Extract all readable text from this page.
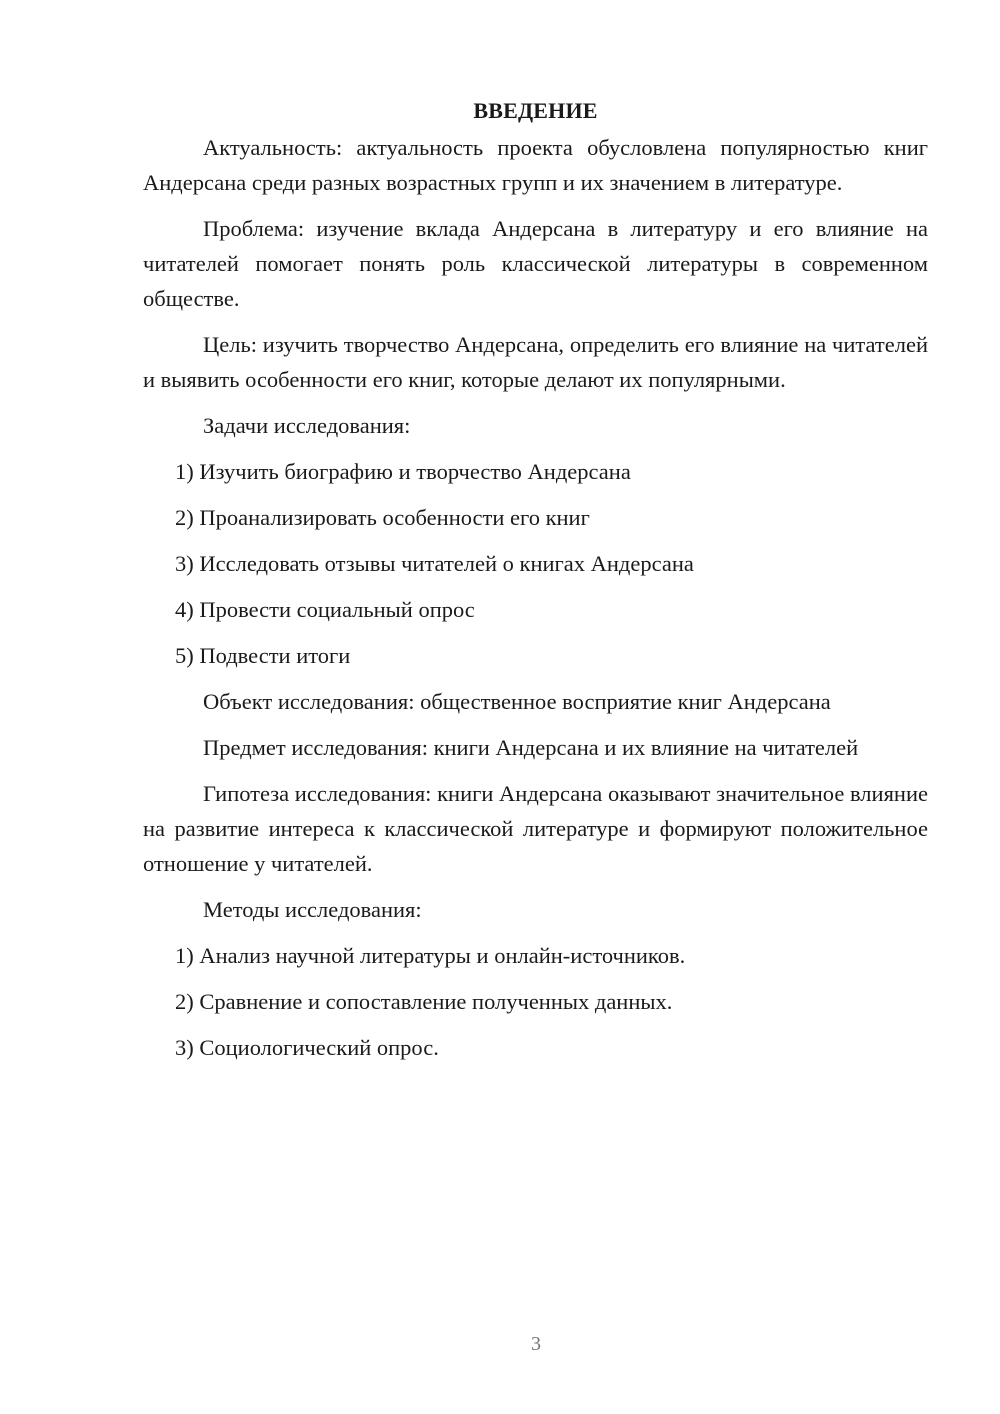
ВВЕДЕНИЕ

Актуальность: актуальность проекта обусловлена популярностью книг Андерсана среди разных возрастных групп и их значением в литературе.

Проблема: изучение вклада Андерсана в литературу и его влияние на читателей помогает понять роль классической литературы в современном обществе.

Цель: изучить творчество Андерсана, определить его влияние на читателей и выявить особенности его книг, которые делают их популярными.

Задачи исследования:
1) Изучить биографию и творчество Андерсана
2) Проанализировать особенности его книг
3) Исследовать отзывы читателей о книгах Андерсана
4) Провести социальный опрос
5) Подвести итоги
Объект исследования: общественное восприятие книг Андерсана
Предмет исследования: книги Андерсана и их влияние на читателей

Гипотеза исследования: книги Андерсана оказывают значительное влияние на развитие интереса к классической литературе и формируют положительное отношение у читателей.

Методы исследования:
1) Анализ научной литературы и онлайн-источников.
2) Сравнение и сопоставление полученных данных.
3) Социологический опрос.
3
